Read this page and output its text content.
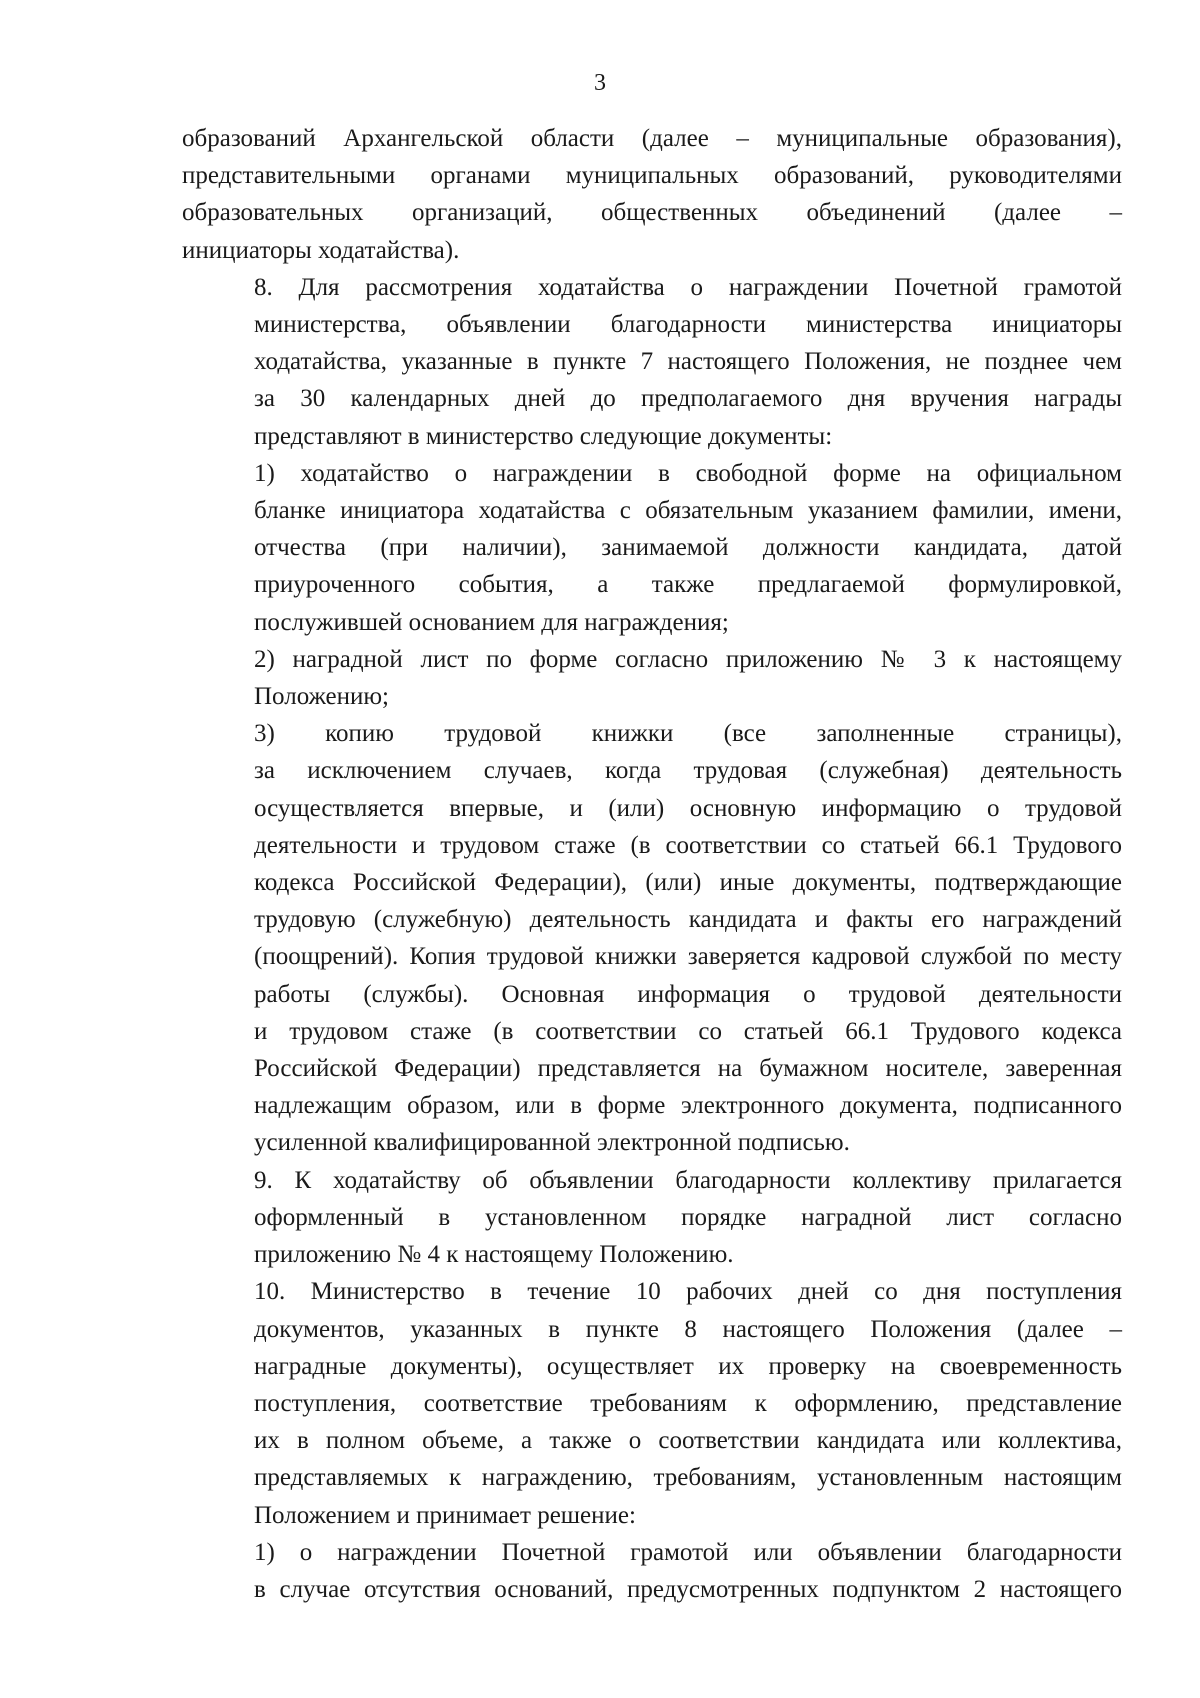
3

образований Архангельской области (далее – муниципальные образования),
представительными органами муниципальных образований, руководителями
образовательных организаций, общественных объединений (далее –
инициаторы ходатайства).

8. Для рассмотрения ходатайства о награждении Почетной грамотой
министерства, объявлении благодарности министерства инициаторы
ходатайства, указанные в пункте 7 настоящего Положения, не позднее чем
за 30 календарных дней до предполагаемого дня вручения награды
представляют в министерство следующие документы:

1) ходатайство о награждении в свободной форме на официальном
бланке инициатора ходатайства с обязательным указанием фамилии, имени,
отчества (при наличии), занимаемой должности кандидата, датой
приуроченного события, а также предлагаемой формулировкой,
послужившей основанием для награждения;

2) наградной лист по форме согласно приложению № 3 к настоящему
Положению;

3) копию трудовой книжки (все заполненные страницы),
за исключением случаев, когда трудовая (служебная) деятельность
осуществляется впервые, и (или) основную информацию о трудовой
деятельности и трудовом стаже (в соответствии со статьей 66.1 Трудового
кодекса Российской Федерации), (или) иные документы, подтверждающие
трудовую (служебную) деятельность кандидата и факты его награждений
(поощрений). Копия трудовой книжки заверяется кадровой службой по месту
работы (службы). Основная информация о трудовой деятельности
и трудовом стаже (в соответствии со статьей 66.1 Трудового кодекса
Российской Федерации) представляется на бумажном носителе, заверенная
надлежащим образом, или в форме электронного документа, подписанного
усиленной квалифицированной электронной подписью.

9. К ходатайству об объявлении благодарности коллективу прилагается
оформленный в установленном порядке наградной лист согласно
приложению № 4 к настоящему Положению.

10. Министерство в течение 10 рабочих дней со дня поступления
документов, указанных в пункте 8 настоящего Положения (далее –
наградные документы), осуществляет их проверку на своевременность
поступления, соответствие требованиям к оформлению, представление
их в полном объеме, а также о соответствии кандидата или коллектива,
представляемых к награждению, требованиям, установленным настоящим
Положением и принимает решение:

1) о награждении Почетной грамотой или объявлении благодарности
в случае отсутствия оснований, предусмотренных подпунктом 2 настоящего
